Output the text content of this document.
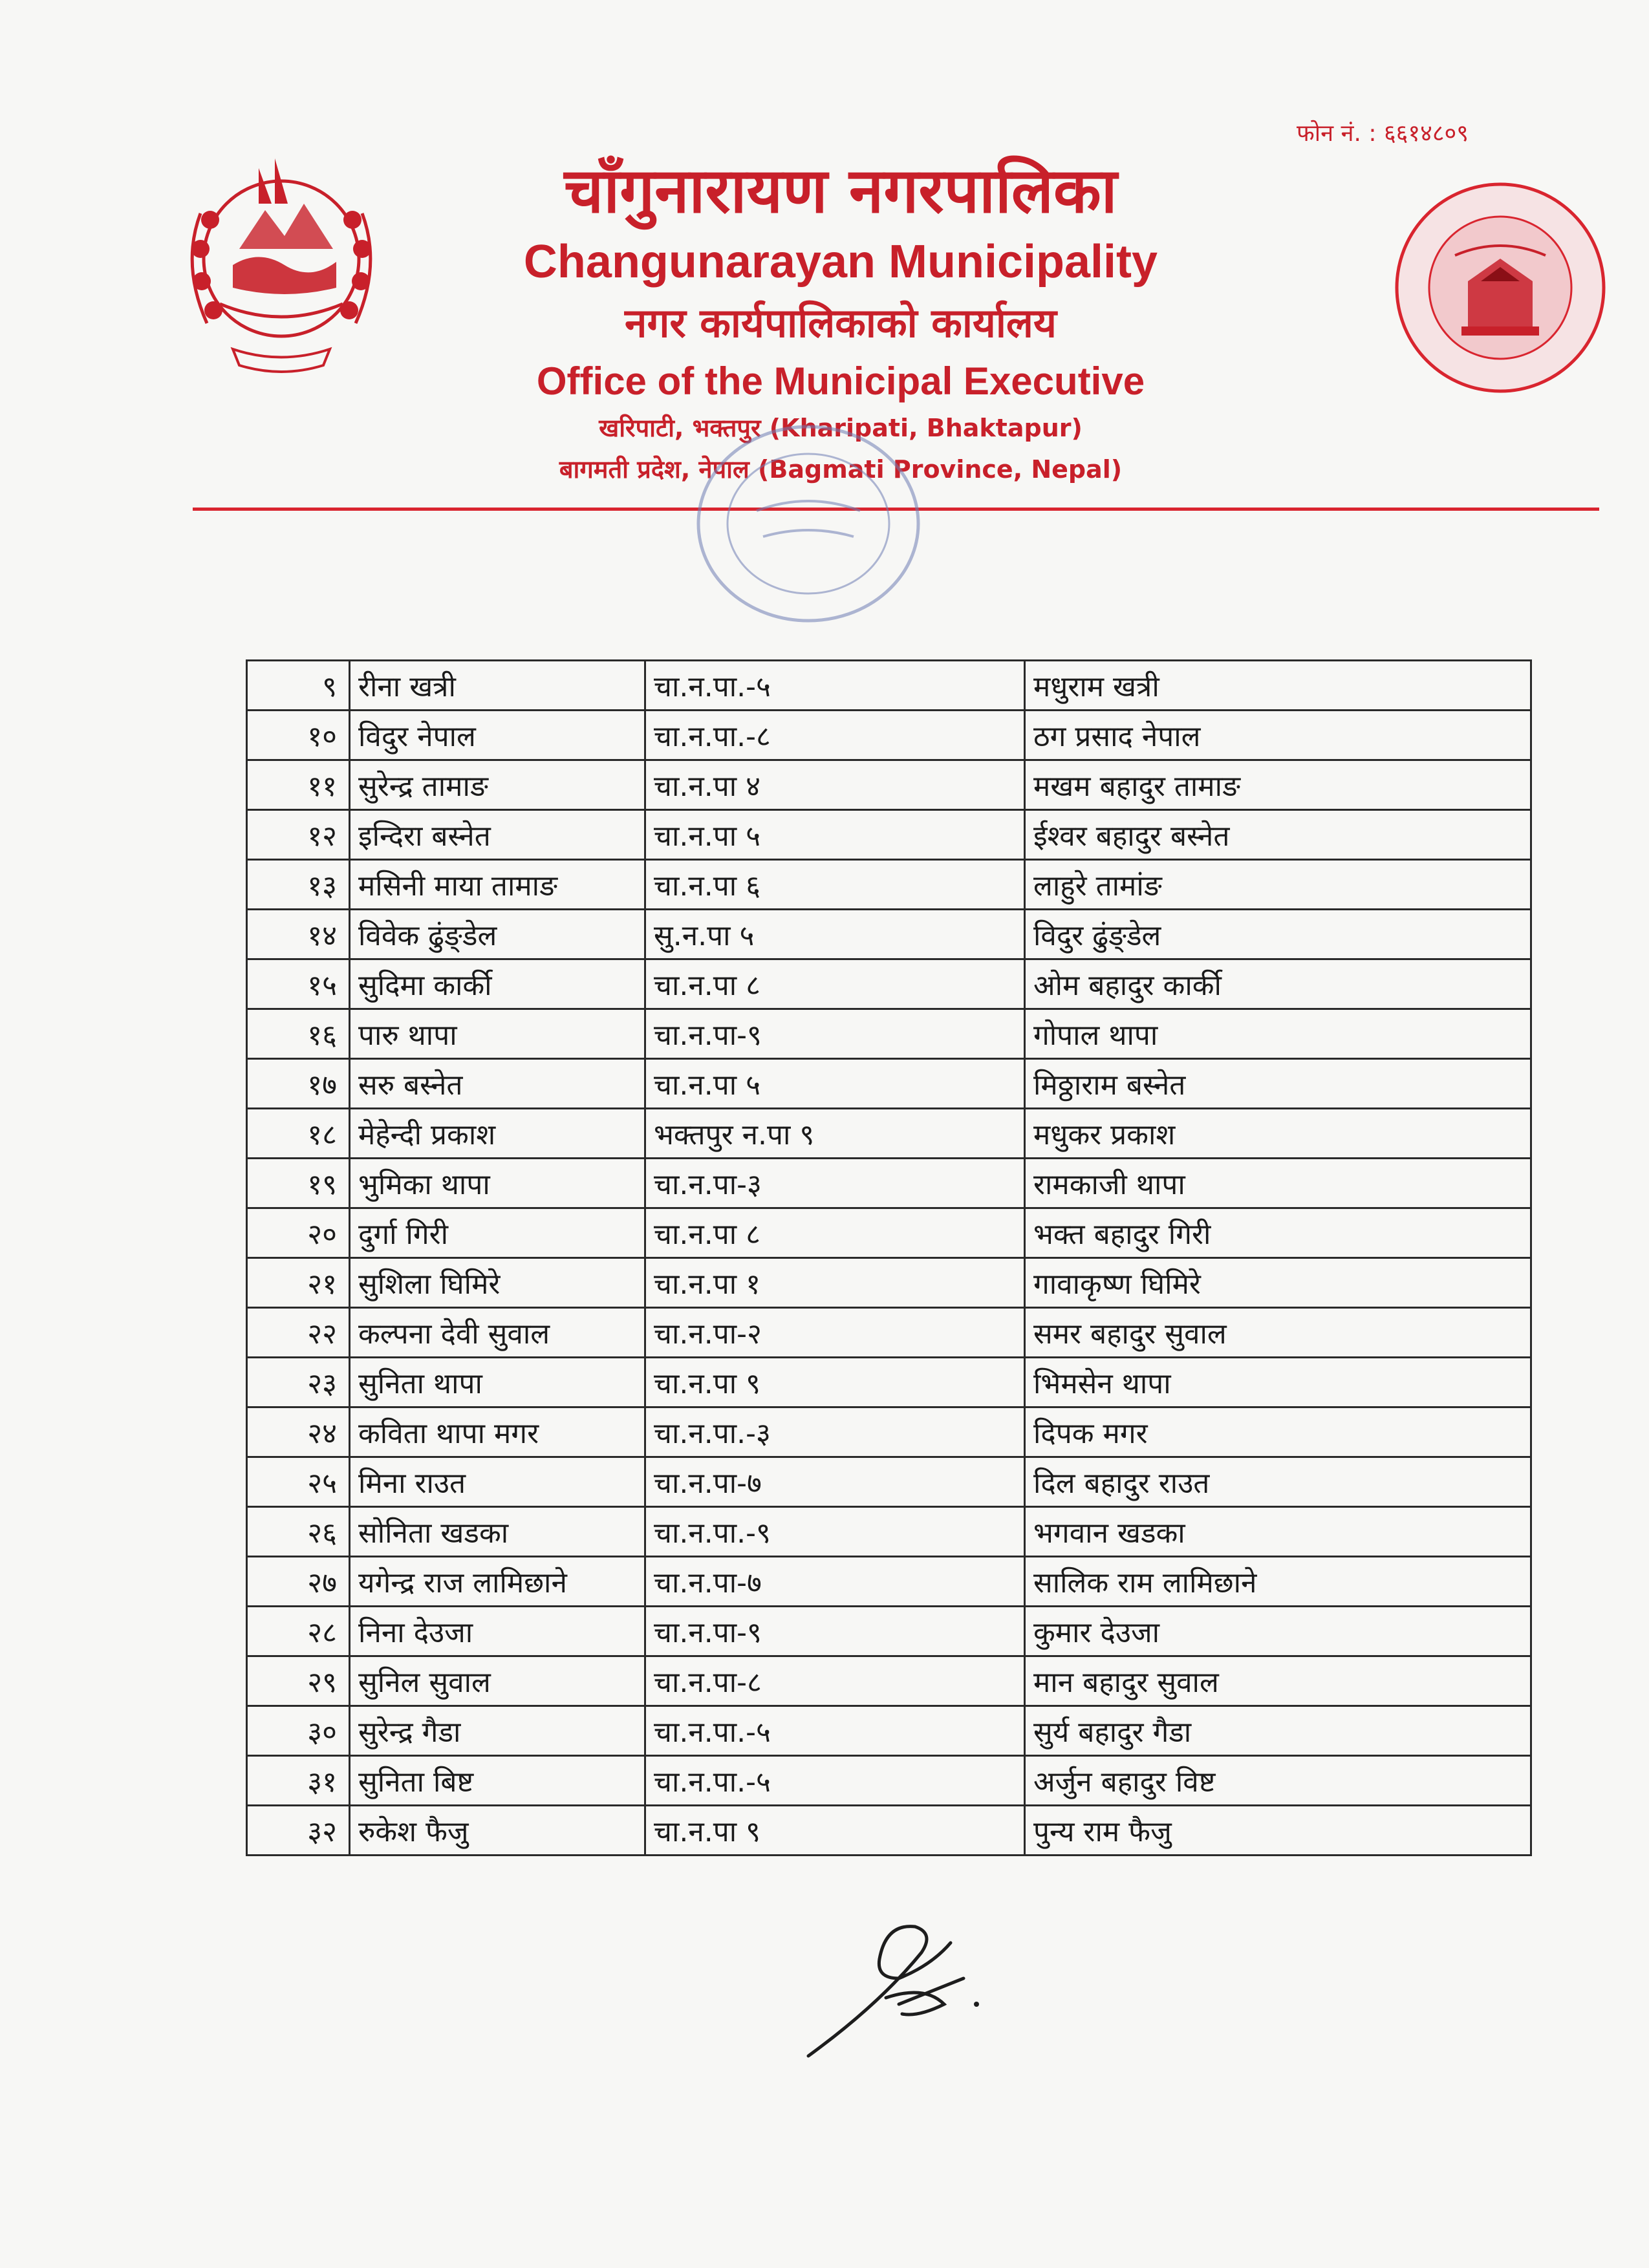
फोन नं. : ६६१४८०९
चाँगुनारायण नगरपालिका
Changunarayan Municipality
नगर कार्यपालिकाको कार्यालय
Office of the Municipal Executive
खरिपाटी, भक्तपुर (Kharipati, Bhaktapur)
बागमती प्रदेश, नेपाल (Bagmati Province, Nepal)
९	रीना खत्री	चा.न.पा.-५	मधुराम खत्री
१०	विदुर नेपाल	चा.न.पा.-८	ठग प्रसाद नेपाल
११	सुरेन्द्र तामाङ	चा.न.पा ४	मखम बहादुर तामाङ
१२	इन्दिरा बस्नेत	चा.न.पा ५	ईश्वर बहादुर बस्नेत
१३	मसिनी माया तामाङ	चा.न.पा ६	लाहुरे तामांङ
१४	विवेक ढुंङ्डेल	सु.न.पा ५	विदुर ढुंङ्डेल
१५	सुदिमा कार्की	चा.न.पा ८	ओम बहादुर कार्की
१६	पारु थापा	चा.न.पा-९	गोपाल थापा
१७	सरु बस्नेत	चा.न.पा ५	मिठ्ठाराम बस्नेत
१८	मेहेन्दी प्रकाश	भक्तपुर न.पा ९	मधुकर प्रकाश
१९	भुमिका थापा	चा.न.पा-३	रामकाजी थापा
२०	दुर्गा गिरी	चा.न.पा ८	भक्त बहादुर गिरी
२१	सुशिला घिमिरे	चा.न.पा १	गावाकृष्ण घिमिरे
२२	कल्पना देवी सुवाल	चा.न.पा-२	समर बहादुर सुवाल
२३	सुनिता थापा	चा.न.पा ९	भिमसेन थापा
२४	कविता थापा मगर	चा.न.पा.-३	दिपक मगर
२५	मिना राउत	चा.न.पा-७	दिल बहादुर राउत
२६	सोनिता खडका	चा.न.पा.-९	भगवान खडका
२७	यगेन्द्र राज लामिछाने	चा.न.पा-७	सालिक राम लामिछाने
२८	निना देउजा	चा.न.पा-९	कुमार देउजा
२९	सुनिल सुवाल	चा.न.पा-८	मान बहादुर सुवाल
३०	सुरेन्द्र गैडा	चा.न.पा.-५	सुर्य बहादुर गैडा
३१	सुनिता बिष्ट	चा.न.पा.-५	अर्जुन बहादुर विष्ट
३२	रुकेश फैजु	चा.न.पा ९	पुन्य राम फैजु
